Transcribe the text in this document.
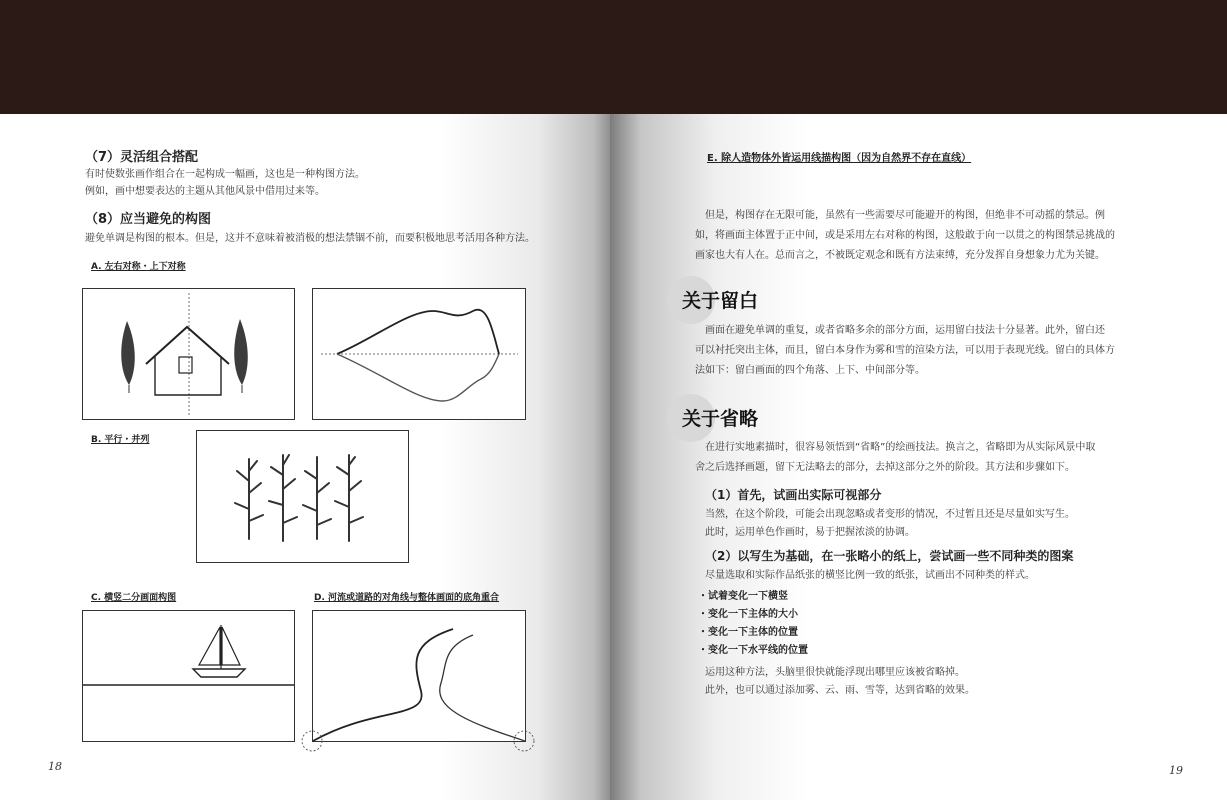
（7）灵活组合搭配
有时使数张画作组合在一起构成一幅画，这也是一种构图方法。
例如，画中想要表达的主题从其他风景中借用过来等。
（8）应当避免的构图
避免单调是构图的根本。但是，这并不意味着被消极的想法禁锢不前，而要积极地思考活用各种方法。
A. 左右对称・上下对称
B. 平行・并列
C. 横竖二分画面构图	D. 河流或道路的对角线与整体画面的底角重合
18
E. 除人造物体外皆运用线描构图（因为自然界不存在直线）
但是，构图存在无限可能，虽然有一些需要尽可能避开的构图，但绝非不可动摇的禁忌。例
如，将画面主体置于正中间，或是采用左右对称的构图，这般敢于向一以贯之的构图禁忌挑战的
画家也大有人在。总而言之，不被既定观念和既有方法束缚，充分发挥自身想象力尤为关键。
关于留白
画面在避免单调的重复，或者省略多余的部分方面，运用留白技法十分显著。此外，留白还
可以衬托突出主体，而且，留白本身作为雾和雪的渲染方法，可以用于表现光线。留白的具体方
法如下：留白画面的四个角落、上下、中间部分等。
关于省略
在进行实地素描时，很容易领悟到“省略”的绘画技法。换言之，省略即为从实际风景中取
舍之后选择画题，留下无法略去的部分，去掉这部分之外的阶段。其方法和步骤如下。
（1）首先，试画出实际可视部分
当然，在这个阶段，可能会出现忽略或者变形的情况，不过暂且还是尽量如实写生。
此时，运用单色作画时，易于把握浓淡的协调。
（2）以写生为基础，在一张略小的纸上，尝试画一些不同种类的图案
尽量选取和实际作品纸张的横竖比例一致的纸张，试画出不同种类的样式。
・试着变化一下横竖
・变化一下主体的大小
・变化一下主体的位置
・变化一下水平线的位置
运用这种方法，头脑里很快就能浮现出哪里应该被省略掉。
此外，也可以通过添加雾、云、雨、雪等，达到省略的效果。
19
